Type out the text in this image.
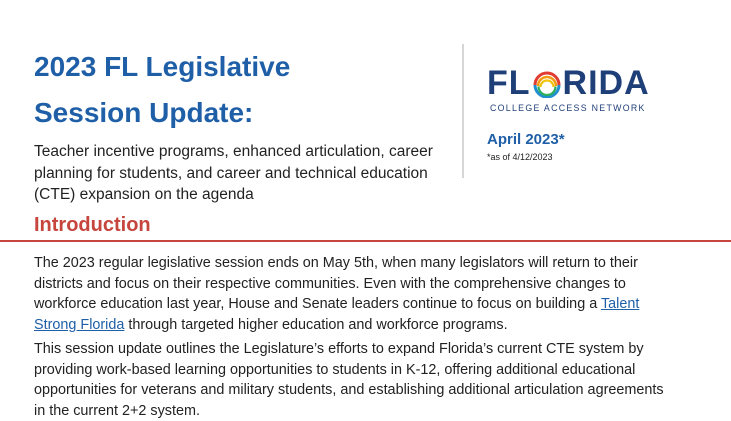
2023 FL Legislative
Session Update:
Teacher incentive programs, enhanced articulation, career planning for students, and career and technical education (CTE) expansion on the agenda
FL RIDA
COLLEGE ACCESS NETWORK
April 2023*
*as of 4/12/2023
Introduction

The 2023 regular legislative session ends on May 5th, when many legislators will return to their districts and focus on their respective communities. Even with the comprehensive changes to workforce education last year, House and Senate leaders continue to focus on building a Talent Strong Florida through targeted higher education and workforce programs.

This session update outlines the Legislature’s efforts to expand Florida’s current CTE system by providing work-based learning opportunities to students in K-12, offering additional educational opportunities for veterans and military students, and establishing additional articulation agreements in the current 2+2 system.
